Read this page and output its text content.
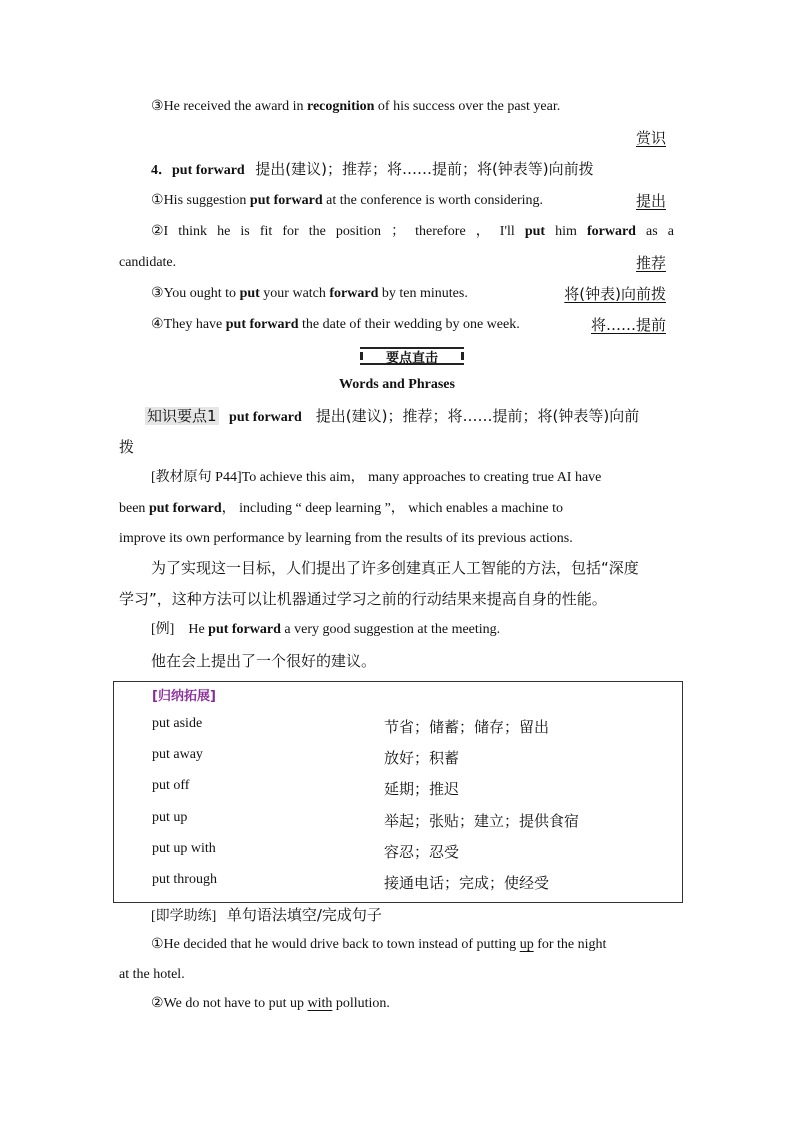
③He received the award in recognition of his success over the past year.
赏识
4．put forward 提出(建议)；推荐；将……提前；将(钟表等)向前拨
①His suggestion put forward at the conference is worth considering.	提出
②I think he is fit for the position ； therefore ， I'll put him forward as a
candidate.	推荐
③You ought to put your watch forward by ten minutes.	将(钟表)向前拨
④They have put forward the date of their wedding by one week.	将……提前
要点直击
Words and Phrases
知识要点1 put forward 提出(建议)；推荐；将……提前；将(钟表等)向前
拨
[教材原句 P44]To achieve this aim， many approaches to creating true AI have
been put forward， including “ deep learning ”， which enables a machine to
improve its own performance by learning from the results of its previous actions.
为了实现这一目标，人们提出了许多创建真正人工智能的方法，包括“深度
学习”，这种方法可以让机器通过学习之前的行动结果来提高自身的性能。
[例] He put forward a very good suggestion at the meeting.
他在会上提出了一个很好的建议。
[归纳拓展]
put aside	节省；储蓄；储存；留出
put away	放好；积蓄
put off	延期；推迟
put up	举起；张贴；建立；提供食宿
put up with	容忍；忍受
put through	接通电话；完成；使经受
[即学助练] 单句语法填空/完成句子
①He decided that he would drive back to town instead of putting up for the night
at the hotel.
②We do not have to put up with pollution.
